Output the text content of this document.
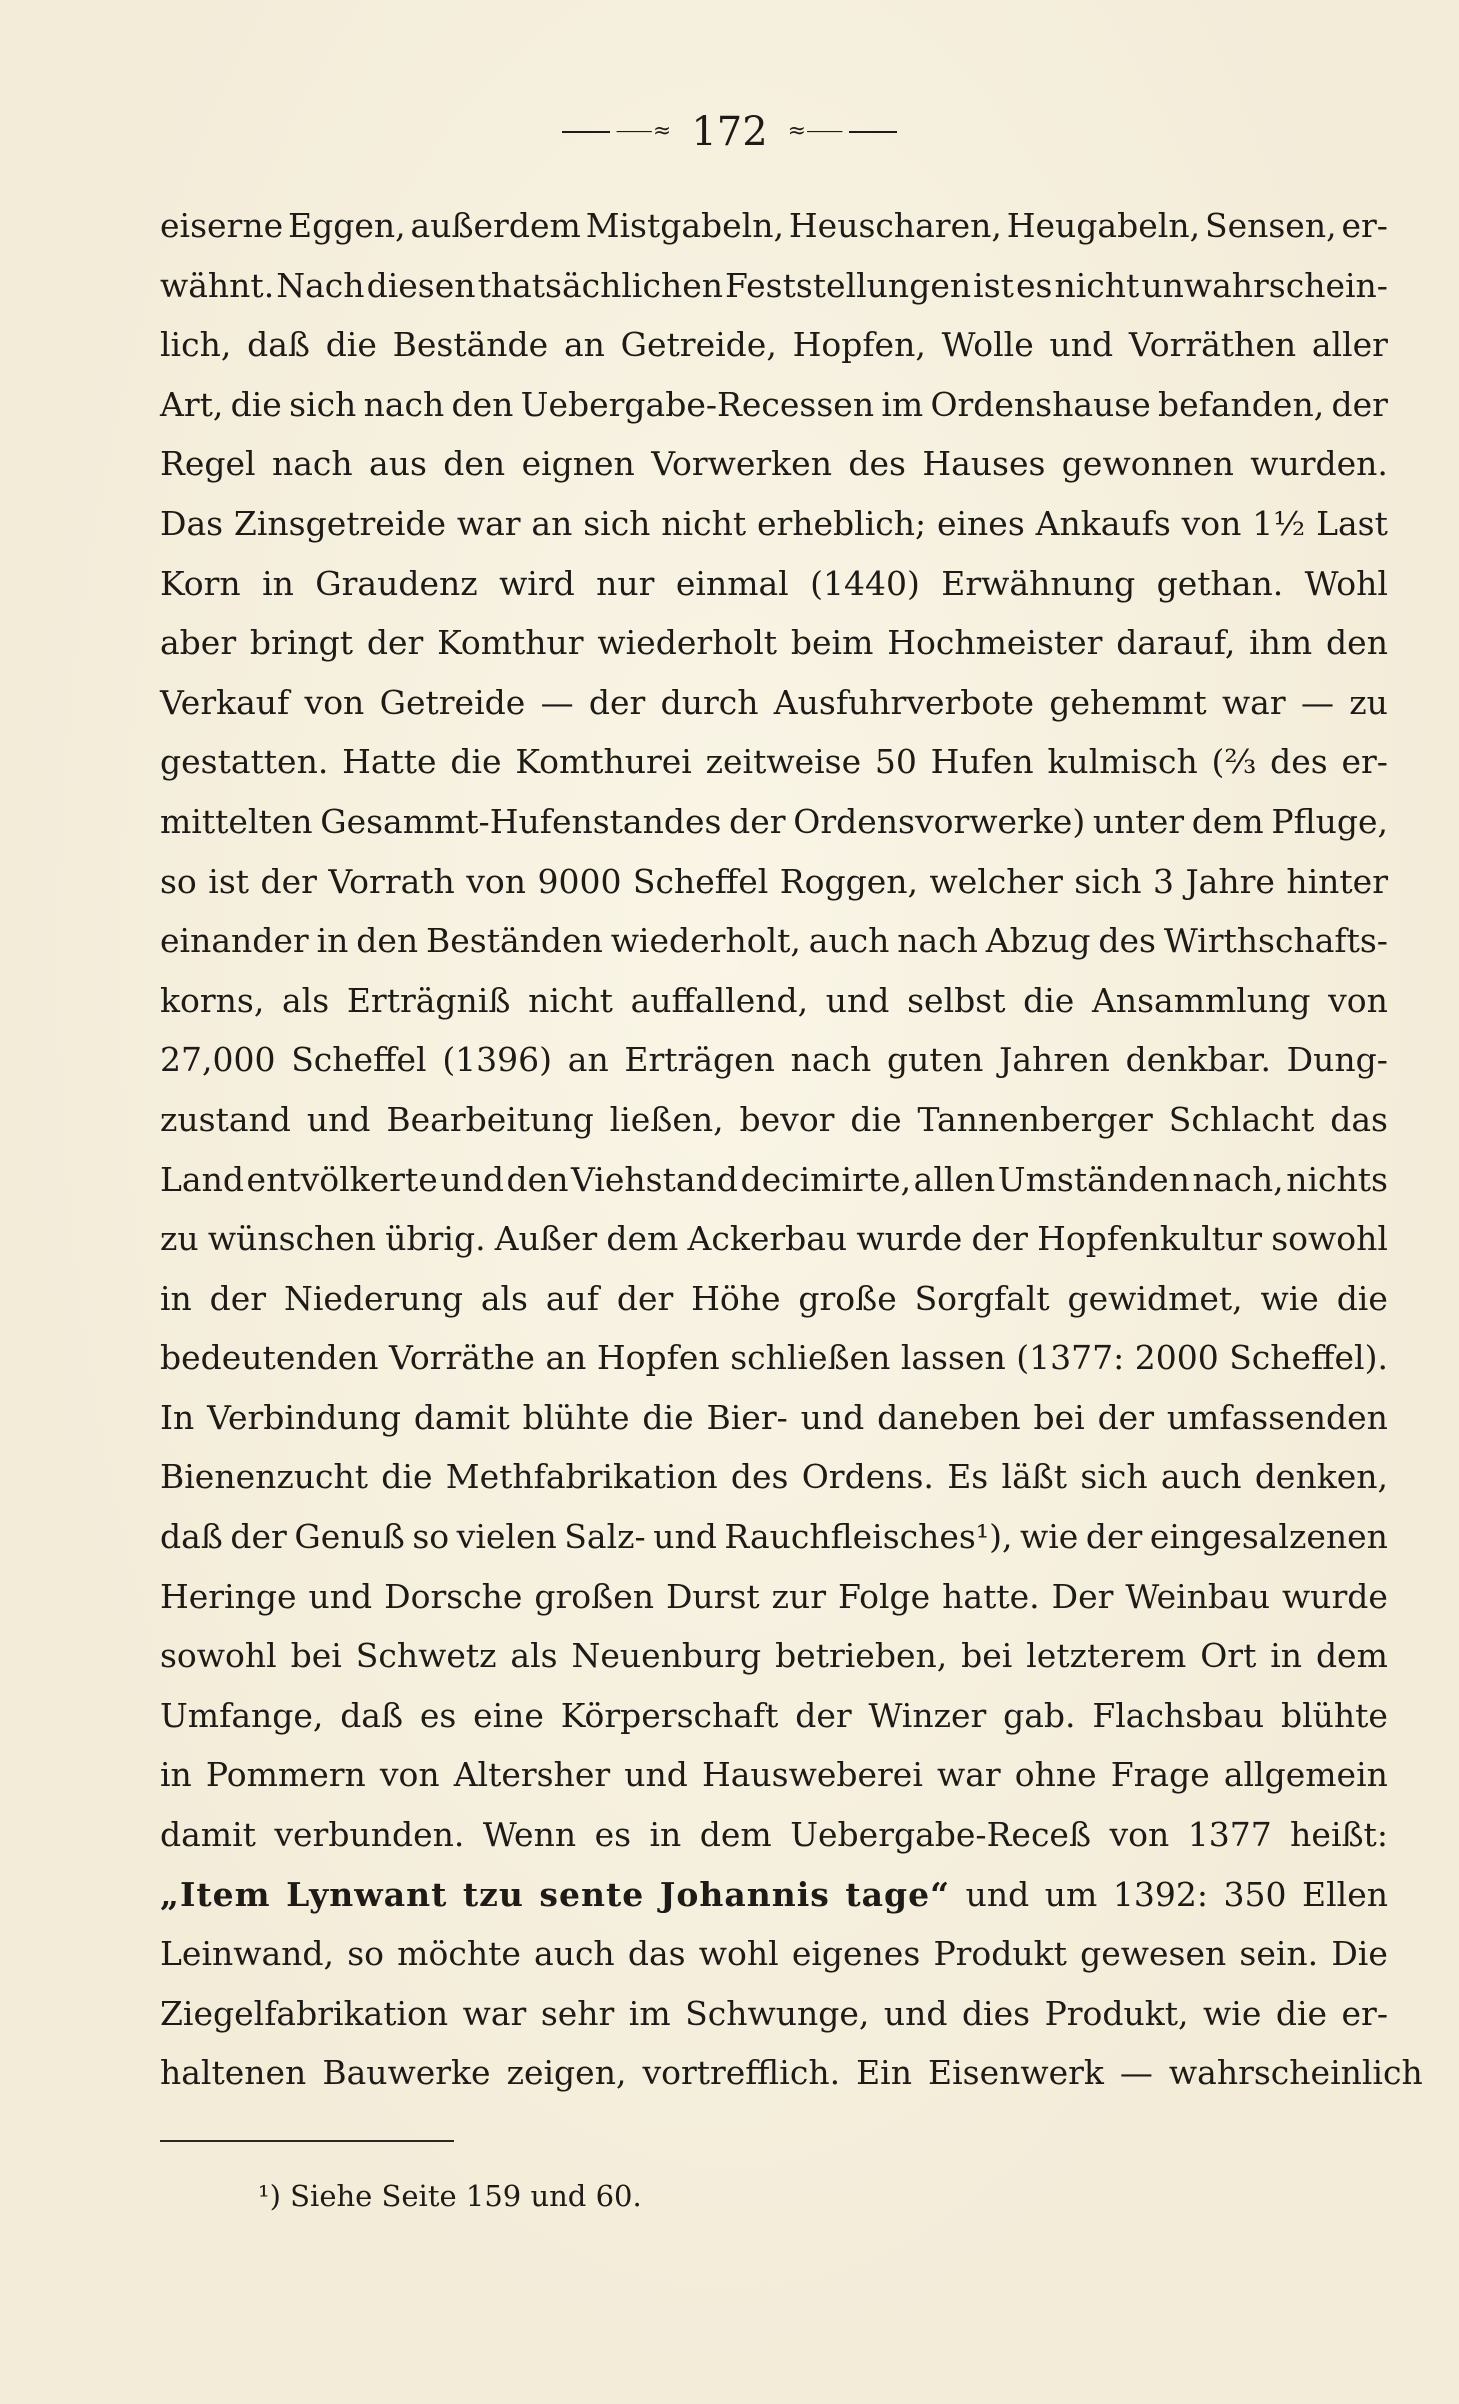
⸺≈ 172 ≈⸺
eiserne Eggen, außerdem Mistgabeln, Heuscharen, Heugabeln, Sensen, er-
wähnt. Nach diesen thatsächlichen Feststellungen ist es nicht unwahrschein-
lich, daß die Bestände an Getreide, Hopfen, Wolle und Vorräthen aller
Art, die sich nach den Uebergabe-Recessen im Ordenshause befanden, der
Regel nach aus den eignen Vorwerken des Hauses gewonnen wurden.
Das Zinsgetreide war an sich nicht erheblich; eines Ankaufs von 1½ Last
Korn in Graudenz wird nur einmal (1440) Erwähnung gethan. Wohl
aber bringt der Komthur wiederholt beim Hochmeister darauf, ihm den
Verkauf von Getreide — der durch Ausfuhrverbote gehemmt war — zu
gestatten. Hatte die Komthurei zeitweise 50 Hufen kulmisch (⅔ des er-
mittelten Gesammt-Hufenstandes der Ordensvorwerke) unter dem Pfluge,
so ist der Vorrath von 9000 Scheffel Roggen, welcher sich 3 Jahre hinter
einander in den Beständen wiederholt, auch nach Abzug des Wirthschafts-
korns, als Erträgniß nicht auffallend, und selbst die Ansammlung von
27,000 Scheffel (1396) an Erträgen nach guten Jahren denkbar. Dung-
zustand und Bearbeitung ließen, bevor die Tannenberger Schlacht das
Land entvölkerte und den Viehstand decimirte, allen Umständen nach, nichts
zu wünschen übrig. Außer dem Ackerbau wurde der Hopfenkultur sowohl
in der Niederung als auf der Höhe große Sorgfalt gewidmet, wie die
bedeutenden Vorräthe an Hopfen schließen lassen (1377: 2000 Scheffel).
In Verbindung damit blühte die Bier- und daneben bei der umfassenden
Bienenzucht die Methfabrikation des Ordens. Es läßt sich auch denken,
daß der Genuß so vielen Salz- und Rauchfleisches¹), wie der eingesalzenen
Heringe und Dorsche großen Durst zur Folge hatte. Der Weinbau wurde
sowohl bei Schwetz als Neuenburg betrieben, bei letzterem Ort in dem
Umfange, daß es eine Körperschaft der Winzer gab. Flachsbau blühte
in Pommern von Altersher und Hausweberei war ohne Frage allgemein
damit verbunden. Wenn es in dem Uebergabe-Receß von 1377 heißt:
„Item Lynwant tzu sente Johannis tage“ und um 1392: 350 Ellen
Leinwand, so möchte auch das wohl eigenes Produkt gewesen sein. Die
Ziegelfabrikation war sehr im Schwunge, und dies Produkt, wie die er-
haltenen Bauwerke zeigen, vortrefflich. Ein Eisenwerk — wahrscheinlich
¹) Siehe Seite 159 und 60.
